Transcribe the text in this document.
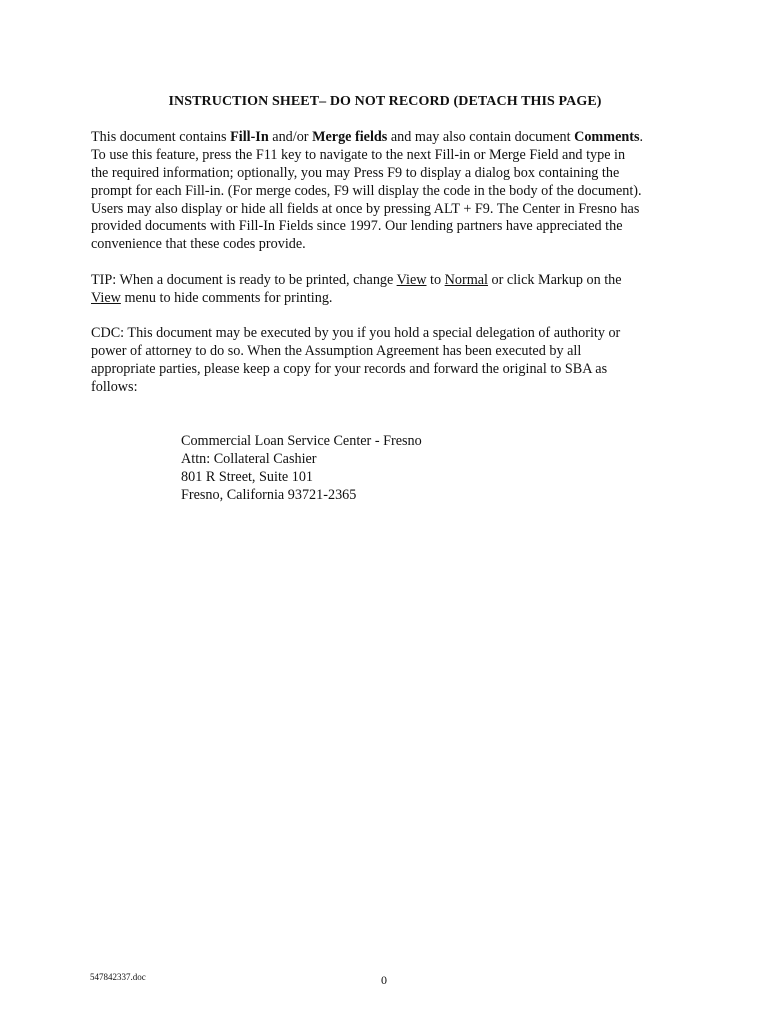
INSTRUCTION SHEET– DO NOT RECORD (DETACH THIS PAGE)
This document contains Fill-In and/or Merge fields and may also contain document Comments.
To use this feature, press the F11 key to navigate to the next Fill-in or Merge Field and type in
the required information; optionally, you may Press F9 to display a dialog box containing the
prompt for each Fill-in. (For merge codes, F9 will display the code in the body of the document).
Users may also display or hide all fields at once by pressing ALT + F9. The Center in Fresno has
provided documents with Fill-In Fields since 1997. Our lending partners have appreciated the
convenience that these codes provide.
TIP: When a document is ready to be printed, change View to Normal or click Markup on the
View menu to hide comments for printing.
CDC: This document may be executed by you if you hold a special delegation of authority or
power of attorney to do so. When the Assumption Agreement has been executed by all
appropriate parties, please keep a copy for your records and forward the original to SBA as
follows:
Commercial Loan Service Center - Fresno
Attn: Collateral Cashier
801 R Street, Suite 101
Fresno, California 93721-2365
547842337.doc	0
